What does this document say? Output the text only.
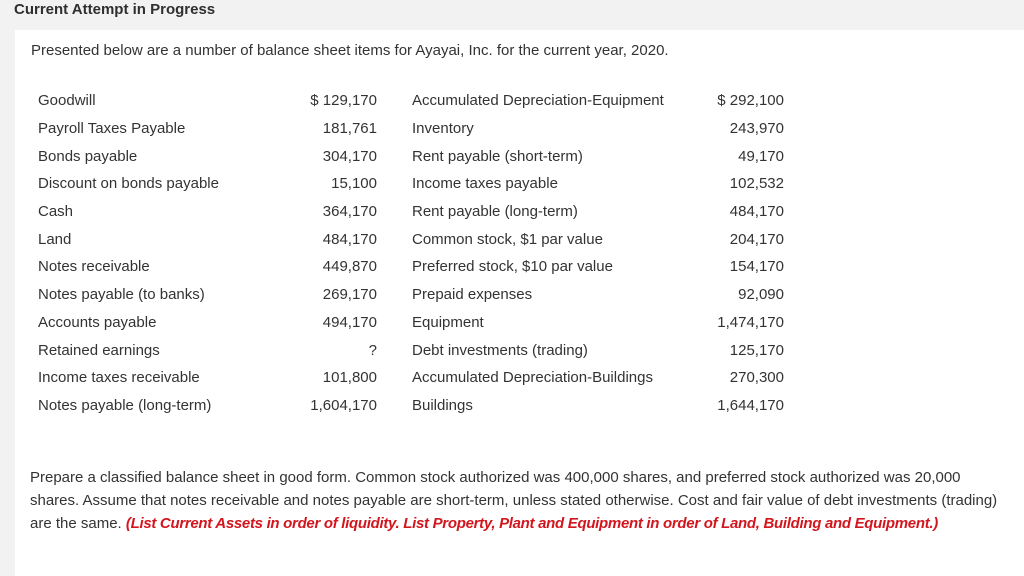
Current Attempt in Progress
Presented below are a number of balance sheet items for Ayayai, Inc. for the current year, 2020.
Goodwill	$ 129,170	Accumulated Depreciation-Equipment	$ 292,100
Payroll Taxes Payable	181,761	Inventory	243,970
Bonds payable	304,170	Rent payable (short-term)	49,170
Discount on bonds payable	15,100	Income taxes payable	102,532
Cash	364,170	Rent payable (long-term)	484,170
Land	484,170	Common stock, $1 par value	204,170
Notes receivable	449,870	Preferred stock, $10 par value	154,170
Notes payable (to banks)	269,170	Prepaid expenses	92,090
Accounts payable	494,170	Equipment	1,474,170
Retained earnings	?	Debt investments (trading)	125,170
Income taxes receivable	101,800	Accumulated Depreciation-Buildings	270,300
Notes payable (long-term)	1,604,170	Buildings	1,644,170
Prepare a classified balance sheet in good form. Common stock authorized was 400,000 shares, and preferred stock authorized was 20,000 shares. Assume that notes receivable and notes payable are short-term, unless stated otherwise. Cost and fair value of debt investments (trading) are the same. (List Current Assets in order of liquidity. List Property, Plant and Equipment in order of Land, Building and Equipment.)
